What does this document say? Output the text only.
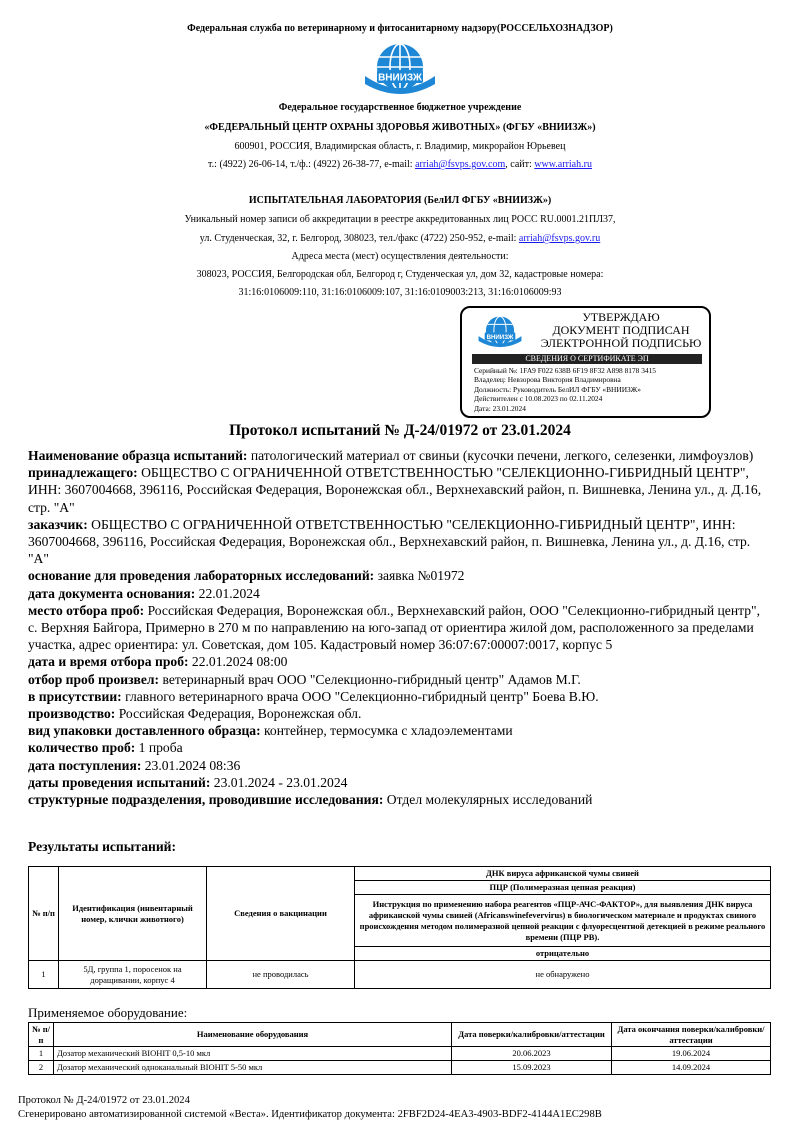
Федеральная служба по ветеринарному и фитосанитарному надзору(РОССЕЛЬХОЗНАДЗОР)
ВНИИЗЖ
Федеральное государственное бюджетное учреждение
«ФЕДЕРАЛЬНЫЙ ЦЕНТР ОХРАНЫ ЗДОРОВЬЯ ЖИВОТНЫХ» (ФГБУ «ВНИИЗЖ»)
600901, РОССИЯ, Владимирская область, г. Владимир, микрорайон Юрьевец
т.: (4922) 26-06-14, т./ф.: (4922) 26-38-77, e-mail: arriah@fsvps.gov.com, сайт: www.arriah.ru
ИСПЫТАТЕЛЬНАЯ ЛАБОРАТОРИЯ (БелИЛ ФГБУ «ВНИИЗЖ»)
Уникальный номер записи об аккредитации в реестре аккредитованных лиц РОСС RU.0001.21ПЛ37,
ул. Студенческая, 32, г. Белгород, 308023, тел./факс (4722) 250-952, e-mail: arriah@fsvps.gov.ru
Адреса места (мест) осуществления деятельности:
308023, РОССИЯ, Белгородская обл, Белгород г, Студенческая ул, дом 32, кадастровые номера:
31:16:0106009:110, 31:16:0106009:107, 31:16:0109003:213, 31:16:0106009:93
ВНИИЗЖ
УТВЕРЖДАЮ
ДОКУМЕНТ ПОДПИСАН
ЭЛЕКТРОННОЙ ПОДПИСЬЮ
СВЕДЕНИЯ О СЕРТИФИКАТЕ ЭП
Серийный №: 1FA9 F022 638B 6F19 8F32 A898 8178 3415
Владелец: Невзорова Виктория Владимировна
Должность: Руководитель БелИЛ ФГБУ «ВНИИЗЖ»
Действителен с 10.08.2023 по 02.11.2024
Дата: 23.01.2024
Протокол испытаний № Д-24/01972 от 23.01.2024

Наименование образца испытаний: патологический материал от свиньи (кусочки печени, легкого, селезенки, лимфоузлов)

принадлежащего: ОБЩЕСТВО С ОГРАНИЧЕННОЙ ОТВЕТСТВЕННОСТЬЮ "СЕЛЕКЦИОННО-ГИБРИДНЫЙ ЦЕНТР", ИНН: 3607004668, 396116, Российская Федерация, Воронежская обл., Верхнехавский район, п. Вишневка, Ленина ул., д. Д.16, стр. "А"

заказчик: ОБЩЕСТВО С ОГРАНИЧЕННОЙ ОТВЕТСТВЕННОСТЬЮ "СЕЛЕКЦИОННО-ГИБРИДНЫЙ ЦЕНТР", ИНН: 3607004668, 396116, Российская Федерация, Воронежская обл., Верхнехавский район, п. Вишневка, Ленина ул., д. Д.16, стр. "А"

основание для проведения лабораторных исследований: заявка №01972

дата документа основания: 22.01.2024

место отбора проб: Российская Федерация, Воронежская обл., Верхнехавский район, ООО "Селекционно-гибридный центр", с. Верхняя Байгора, Примерно в 270 м по направлению на юго-запад от ориентира жилой дом, расположенного за пределами участка, адрес ориентира: ул. Советская, дом 105. Кадастровый номер 36:07:67:00007:0017, корпус 5

дата и время отбора проб: 22.01.2024 08:00

отбор проб произвел: ветеринарный врач ООО "Селекционно-гибридный центр" Адамов М.Г.

в присутствии: главного ветеринарного врача ООО "Селекционно-гибридный центр" Боева В.Ю.

производство: Российская Федерация, Воронежская обл.

вид упаковки доставленного образца: контейнер, термосумка с хладоэлементами

количество проб: 1 проба

дата поступления: 23.01.2024 08:36

даты проведения испытаний: 23.01.2024 - 23.01.2024

структурные подразделения, проводившие исследования: Отдел молекулярных исследований

Результаты испытаний:
№ п/п	Идентификация (инвентарный номер, клички животного)	Сведения о вакцинации	ДНК вируса африканской чумы свиней
			ПЦР (Полимеразная цепная реакция)
			Инструкция по применению набора реагентов «ПЦР-АЧС-ФАКТОР», для выявления ДНК вируса африканской чумы свиней (Africanswinefevervirus) в биологическом материале и продуктах свиного происхождения методом полимеразной цепной реакции с флуоресцентной детекцией в режиме реального времени (ПЦР РВ).
			отрицательно
1	5Д, группа 1, поросенок на доращивании, корпус 4	не проводилась	не обнаружено
Применяемое оборудование:
№ п/п	Наименование оборудования	Дата поверки/калибровки/аттестации	Дата окончания поверки/калибровки/аттестации
1	Дозатор механический BIOHIT 0,5-10 мкл	20.06.2023	19.06.2024
2	Дозатор механический одноканальный BIOHIT 5-50 мкл	15.09.2023	14.09.2024
Протокол № Д-24/01972 от 23.01.2024
Сгенерировано автоматизированной системой «Веста». Идентификатор документа: 2FBF2D24-4EA3-4903-BDF2-4144A1EC298B
